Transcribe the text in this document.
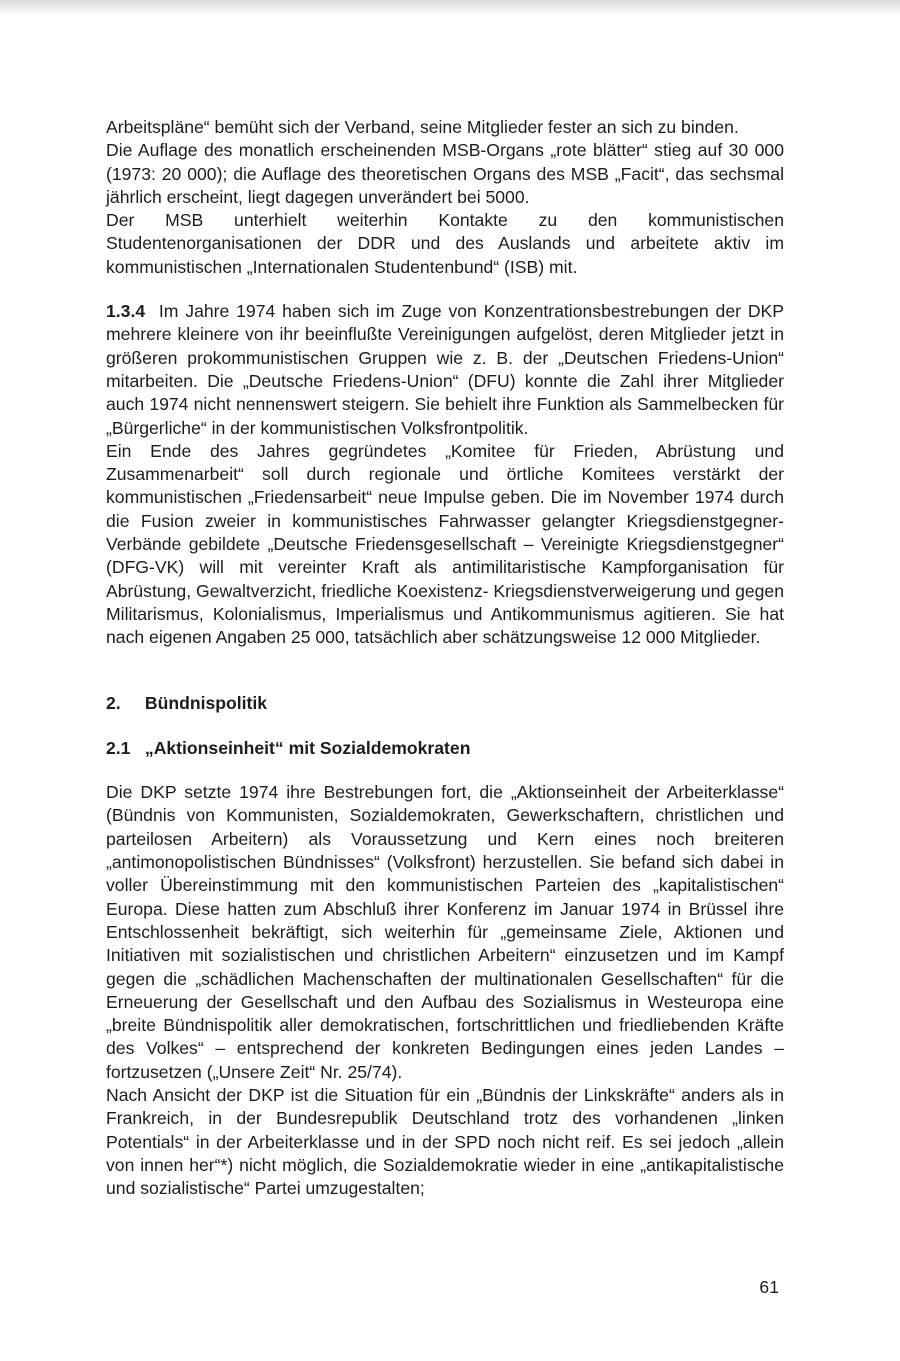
Arbeitspläne“ bemüht sich der Verband, seine Mitglieder fester an sich zu binden.

Die Auflage des monatlich erscheinenden MSB-Organs „rote blätter“ stieg auf 30 000 (1973: 20 000); die Auflage des theoretischen Organs des MSB „Facit“, das sechsmal jährlich erscheint, liegt dagegen unverändert bei 5000.

Der MSB unterhielt weiterhin Kontakte zu den kommunistischen Studentenorganisationen der DDR und des Auslands und arbeitete aktiv im kommunistischen „Internationalen Studentenbund“ (ISB) mit.

1.3.4 Im Jahre 1974 haben sich im Zuge von Konzentrationsbestrebungen der DKP mehrere kleinere von ihr beeinflußte Vereinigungen aufgelöst, deren Mitglieder jetzt in größeren prokommunistischen Gruppen wie z. B. der „Deutschen Friedens-Union“ mitarbeiten. Die „Deutsche Friedens-Union“ (DFU) konnte die Zahl ihrer Mitglieder auch 1974 nicht nennenswert steigern. Sie behielt ihre Funktion als Sammelbecken für „Bürgerliche“ in der kommunistischen Volksfrontpolitik.

Ein Ende des Jahres gegründetes „Komitee für Frieden, Abrüstung und Zusammenarbeit“ soll durch regionale und örtliche Komitees verstärkt der kommunistischen „Friedensarbeit“ neue Impulse geben. Die im November 1974 durch die Fusion zweier in kommunistisches Fahrwasser gelangter Kriegsdienstgegner-Verbände gebildete „Deutsche Friedensgesellschaft – Vereinigte Kriegsdienstgegner“ (DFG-VK) will mit vereinter Kraft als antimilitaristische Kampforganisation für Abrüstung, Gewaltverzicht, friedliche Koexistenz- Kriegsdienstverweigerung und gegen Militarismus, Kolonialismus, Imperialismus und Antikommunismus agitieren. Sie hat nach eigenen Angaben 25 000, tatsächlich aber schätzungsweise 12 000 Mitglieder.

2. Bündnispolitik
2.1 „Aktionseinheit“ mit Sozialdemokraten

Die DKP setzte 1974 ihre Bestrebungen fort, die „Aktionseinheit der Arbeiterklasse“ (Bündnis von Kommunisten, Sozialdemokraten, Gewerkschaftern, christlichen und parteilosen Arbeitern) als Voraussetzung und Kern eines noch breiteren „antimonopolistischen Bündnisses“ (Volksfront) herzustellen. Sie befand sich dabei in voller Übereinstimmung mit den kommunistischen Parteien des „kapitalistischen“ Europa. Diese hatten zum Abschluß ihrer Konferenz im Januar 1974 in Brüssel ihre Entschlossenheit bekräftigt, sich weiterhin für „gemeinsame Ziele, Aktionen und Initiativen mit sozialistischen und christlichen Arbeitern“ einzusetzen und im Kampf gegen die „schädlichen Machenschaften der multinationalen Gesellschaften“ für die Erneuerung der Gesellschaft und den Aufbau des Sozialismus in Westeuropa eine „breite Bündnispolitik aller demokratischen, fortschrittlichen und friedliebenden Kräfte des Volkes“ – entsprechend der konkreten Bedingungen eines jeden Landes – fortzusetzen („Unsere Zeit“ Nr. 25/74).

Nach Ansicht der DKP ist die Situation für ein „Bündnis der Linkskräfte“ anders als in Frankreich, in der Bundesrepublik Deutschland trotz des vorhandenen „linken Potentials“ in der Arbeiterklasse und in der SPD noch nicht reif. Es sei jedoch „allein von innen her“*) nicht möglich, die Sozialdemokratie wieder in eine „antikapitalistische und sozialistische“ Partei umzugestalten;

61
